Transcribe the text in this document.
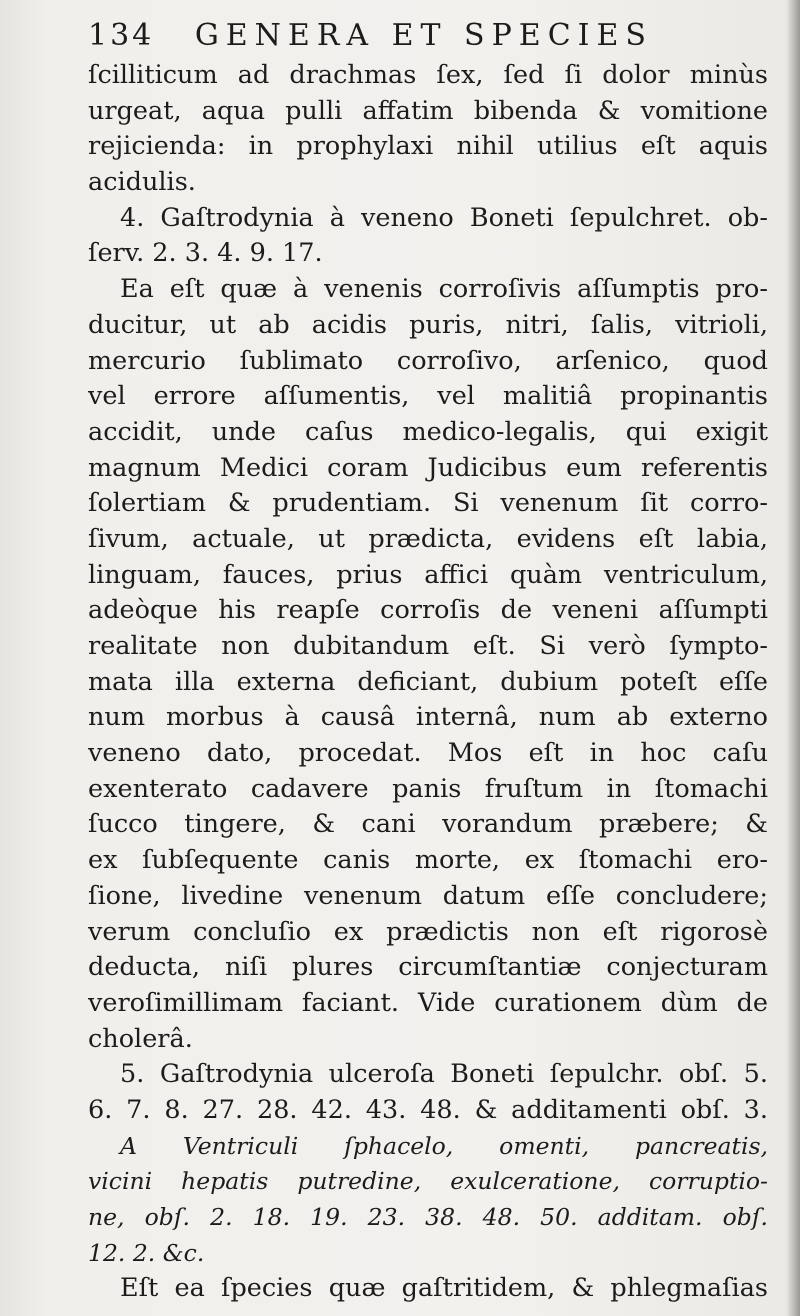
134 GENERA ET SPECIES
ſcilliticum ad drachmas ſex, ſed ſi dolor minùs
urgeat, aqua pulli affatim bibenda & vomitione
rejicienda: in prophylaxi nihil utilius eſt aquis
acidulis.
4. Gaſtrodynia à veneno Boneti ſepulchret. ob-
ſerv. 2. 3. 4. 9. 17.
Ea eſt quæ à venenis corroſivis aſſumptis pro-
ducitur, ut ab acidis puris, nitri, ſalis, vitrioli,
mercurio ſublimato corroſivo, arſenico, quod
vel errore aſſumentis, vel malitiâ propinantis
accidit, unde caſus medico-legalis, qui exigit
magnum Medici coram Judicibus eum referentis
ſolertiam & prudentiam. Si venenum ſit corro-
ſivum, actuale, ut prædicta, evidens eſt labia,
linguam, fauces, prius affici quàm ventriculum,
adeòque his reapſe corroſis de veneni aſſumpti
realitate non dubitandum eſt. Si verò ſympto-
mata illa externa deficiant, dubium poteſt eſſe
num morbus à causâ internâ, num ab externo
veneno dato, procedat. Mos eſt in hoc caſu
exenterato cadavere panis fruſtum in ſtomachi
ſucco tingere, & cani vorandum præbere; &
ex ſubſequente canis morte, ex ſtomachi ero-
ſione, livedine venenum datum eſſe concludere;
verum concluſio ex prædictis non eſt rigorosè
deducta, niſi plures circumſtantiæ conjecturam
veroſimillimam faciant. Vide curationem dùm de
cholerâ.
5. Gaſtrodynia ulceroſa Boneti ſepulchr. obſ. 5.
6. 7. 8. 27. 28. 42. 43. 48. & additamenti obſ. 3.
A Ventriculi ſphacelo, omenti, pancreatis,
vicini hepatis putredine, exulceratione, corruptio-
ne, obſ. 2. 18. 19. 23. 38. 48. 50. additam. obſ.
12. 2. &c.
Eſt ea ſpecies quæ gaſtritidem, & phlegmaſias
